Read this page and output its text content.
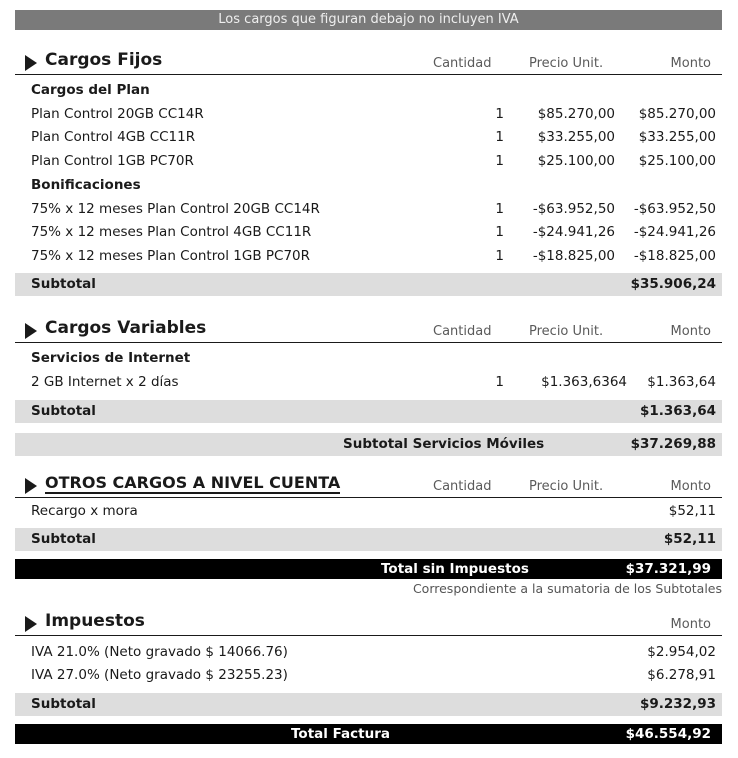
Los cargos que figuran debajo no incluyen IVA
Cargos Fijos	Cantidad	Precio Unit.	Monto
Cargos del Plan
Plan Control 20GB CC14R	1	$85.270,00 $85.270,00
Plan Control 4GB CC11R	1	$33.255,00 $33.255,00
Plan Control 1GB PC70R	1	$25.100,00 $25.100,00
Bonificaciones
75% x 12 meses Plan Control 20GB CC14R	1	-$63.952,50 -$63.952,50
75% x 12 meses Plan Control 4GB CC11R	1	-$24.941,26 -$24.941,26
75% x 12 meses Plan Control 1GB PC70R	1	-$18.825,00 -$18.825,00
Subtotal	$35.906,24
Cargos Variables	Cantidad	Precio Unit.	Monto
Servicios de Internet
2 GB Internet x 2 días	1	$1.363,6364 $1.363,64
Subtotal	$1.363,64
Subtotal Servicios Móviles	$37.269,88
OTROS CARGOS A NIVEL CUENTA	Cantidad	Precio Unit.	Monto
Recargo x mora	$52,11
Subtotal	$52,11
Total sin Impuestos	$37.321,99
Correspondiente a la sumatoria de los Subtotales
Impuestos	Monto
IVA 21.0% (Neto gravado $ 14066.76)	$2.954,02
IVA 27.0% (Neto gravado $ 23255.23)	$6.278,91
Subtotal	$9.232,93
Total Factura	$46.554,92
